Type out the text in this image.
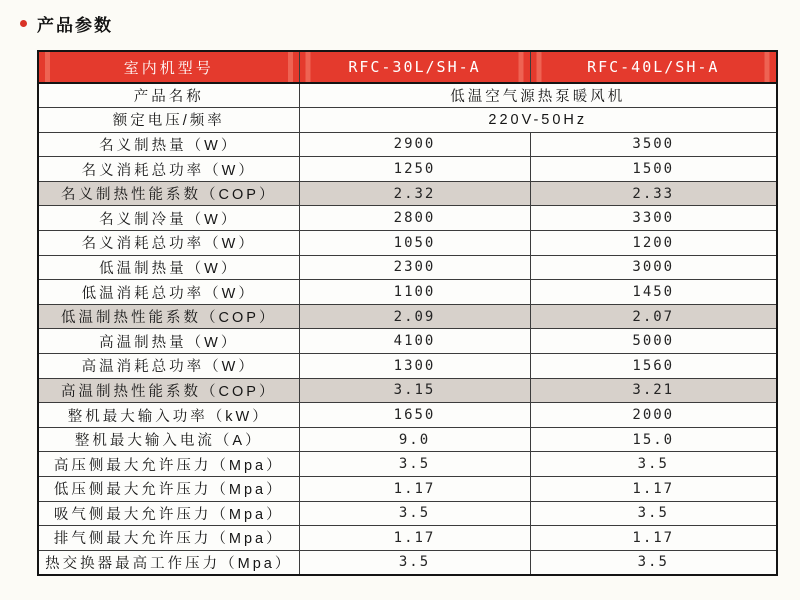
产品参数
室内机型号	RFC-30L/SH-A	RFC-40L/SH-A
产品名称	低温空气源热泵暖风机	
额定电压/频率	220V-50Hz	
名义制热量（W）	2900	3500
名义消耗总功率（W）	1250	1500
名义制热性能系数（COP）	2.32	2.33
名义制冷量（W）	2800	3300
名义消耗总功率（W）	1050	1200
低温制热量（W）	2300	3000
低温消耗总功率（W）	1100	1450
低温制热性能系数（COP）	2.09	2.07
高温制热量（W）	4100	5000
高温消耗总功率（W）	1300	1560
高温制热性能系数（COP）	3.15	3.21
整机最大输入功率（kW）	1650	2000
整机最大输入电流（A）	9.0	15.0
高压侧最大允许压力（Mpa）	3.5	3.5
低压侧最大允许压力（Mpa）	1.17	1.17
吸气侧最大允许压力（Mpa）	3.5	3.5
排气侧最大允许压力（Mpa）	1.17	1.17
热交换器最高工作压力（Mpa）	3.5	3.5
